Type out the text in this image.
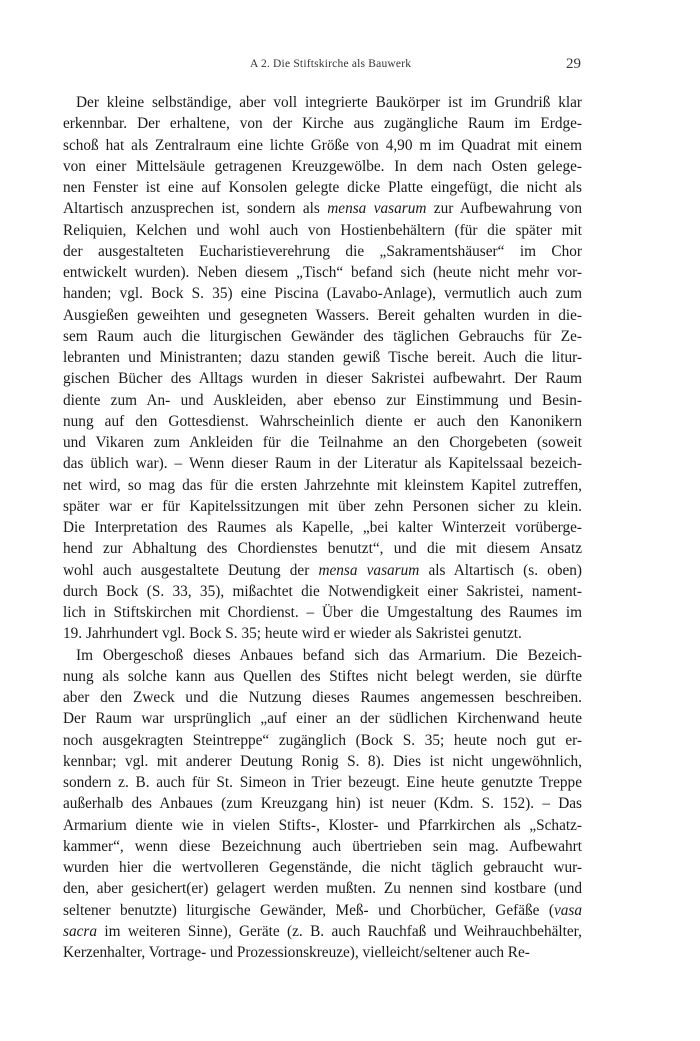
A 2. Die Stiftskirche als Bauwerk	29
Der kleine selbständige, aber voll integrierte Baukörper ist im Grundriß klar
erkennbar. Der erhaltene, von der Kirche aus zugängliche Raum im Erdge-
schoß hat als Zentralraum eine lichte Größe von 4,90 m im Quadrat mit einem
von einer Mittelsäule getragenen Kreuzgewölbe. In dem nach Osten gelege-
nen Fenster ist eine auf Konsolen gelegte dicke Platte eingefügt, die nicht als
Altartisch anzusprechen ist, sondern als mensa vasarum zur Aufbewahrung von
Reliquien, Kelchen und wohl auch von Hostienbehältern (für die später mit
der ausgestalteten Eucharistieverehrung die „Sakramentshäuser“ im Chor
entwickelt wurden). Neben diesem „Tisch“ befand sich (heute nicht mehr vor-
handen; vgl. Bock S. 35) eine Piscina (Lavabo-Anlage), vermutlich auch zum
Ausgießen geweihten und gesegneten Wassers. Bereit gehalten wurden in die-
sem Raum auch die liturgischen Gewänder des täglichen Gebrauchs für Ze-
lebranten und Ministranten; dazu standen gewiß Tische bereit. Auch die litur-
gischen Bücher des Alltags wurden in dieser Sakristei aufbewahrt. Der Raum
diente zum An- und Auskleiden, aber ebenso zur Einstimmung und Besin-
nung auf den Gottesdienst. Wahrscheinlich diente er auch den Kanonikern
und Vikaren zum Ankleiden für die Teilnahme an den Chorgebeten (soweit
das üblich war). – Wenn dieser Raum in der Literatur als Kapitelssaal bezeich-
net wird, so mag das für die ersten Jahrzehnte mit kleinstem Kapitel zutreffen,
später war er für Kapitelssitzungen mit über zehn Personen sicher zu klein.
Die Interpretation des Raumes als Kapelle, „bei kalter Winterzeit vorüberge-
hend zur Abhaltung des Chordienstes benutzt“, und die mit diesem Ansatz
wohl auch ausgestaltete Deutung der mensa vasarum als Altartisch (s. oben)
durch Bock (S. 33, 35), mißachtet die Notwendigkeit einer Sakristei, nament-
lich in Stiftskirchen mit Chordienst. – Über die Umgestaltung des Raumes im
19. Jahrhundert vgl. Bock S. 35; heute wird er wieder als Sakristei genutzt.
Im Obergeschoß dieses Anbaues befand sich das Armarium. Die Bezeich-
nung als solche kann aus Quellen des Stiftes nicht belegt werden, sie dürfte
aber den Zweck und die Nutzung dieses Raumes angemessen beschreiben.
Der Raum war ursprünglich „auf einer an der südlichen Kirchenwand heute
noch ausgekragten Steintreppe“ zugänglich (Bock S. 35; heute noch gut er-
kennbar; vgl. mit anderer Deutung Ronig S. 8). Dies ist nicht ungewöhnlich,
sondern z. B. auch für St. Simeon in Trier bezeugt. Eine heute genutzte Treppe
außerhalb des Anbaues (zum Kreuzgang hin) ist neuer (Kdm. S. 152). – Das
Armarium diente wie in vielen Stifts-, Kloster- und Pfarrkirchen als „Schatz-
kammer“, wenn diese Bezeichnung auch übertrieben sein mag. Aufbewahrt
wurden hier die wertvolleren Gegenstände, die nicht täglich gebraucht wur-
den, aber gesichert(er) gelagert werden mußten. Zu nennen sind kostbare (und
seltener benutzte) liturgische Gewänder, Meß- und Chorbücher, Gefäße (vasa
sacra im weiteren Sinne), Geräte (z. B. auch Rauchfaß und Weihrauchbehälter,
Kerzenhalter, Vortrage- und Prozessionskreuze), vielleicht/seltener auch Re-
